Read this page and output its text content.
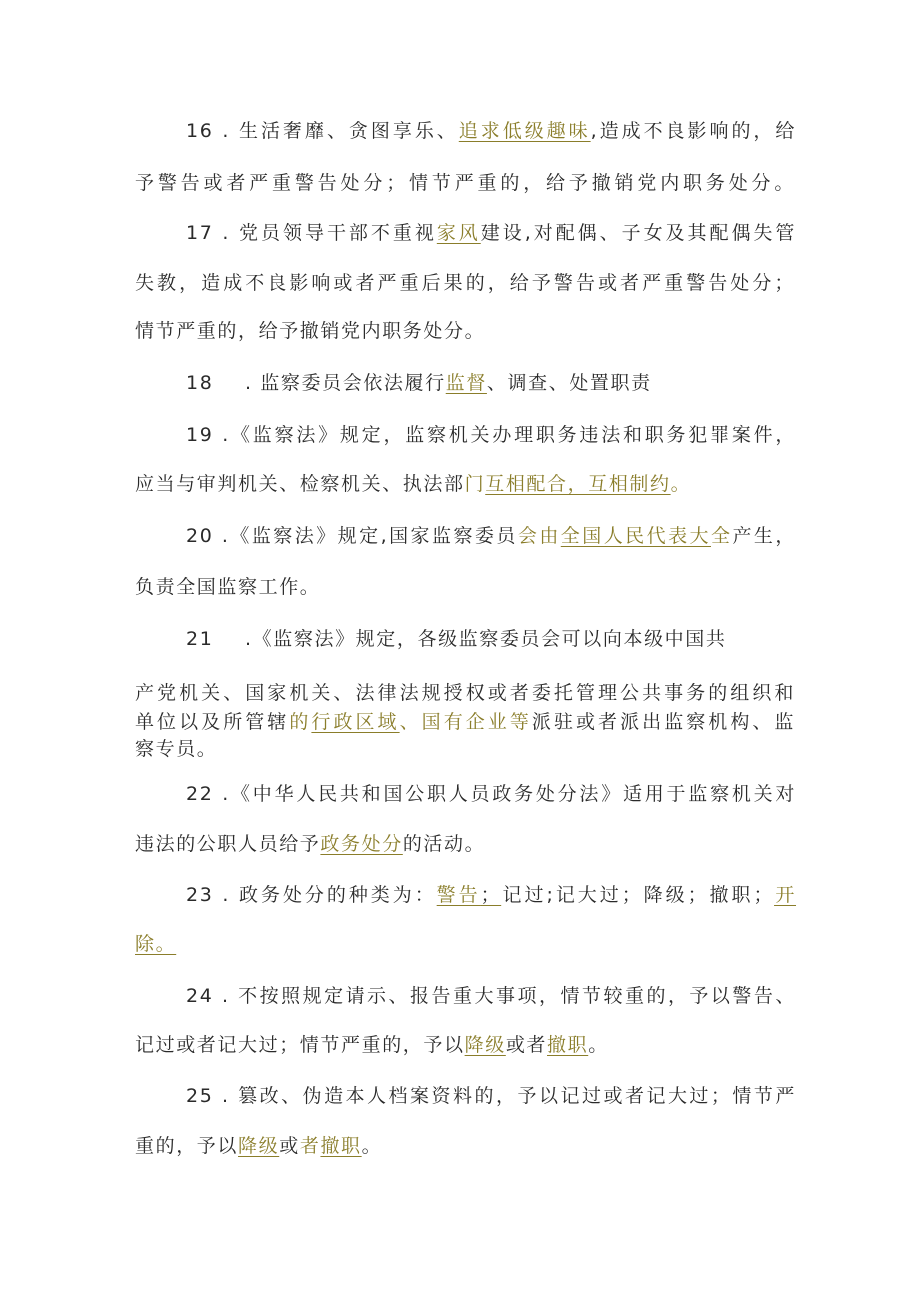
16 . 生活奢靡、贪图享乐、追求低级趣味,造成不良影响的，给
予警告或者严重警告处分；情节严重的，给予撤销党内职务处分。
17 . 党员领导干部不重视家风建设,对配偶、子女及其配偶失管
失教，造成不良影响或者严重后果的，给予警告或者严重警告处分；
情节严重的，给予撤销党内职务处分。
18 . 监察委员会依法履行监督、调查、处置职责
19 .《监察法》规定，监察机关办理职务违法和职务犯罪案件，
应当与审判机关、检察机关、执法部门互相配合，互相制约。
20 .《监察法》规定,国家监察委员会由全国人民代表大全产生，
负责全国监察工作。
21 .《监察法》规定，各级监察委员会可以向本级中国共
产党机关、国家机关、法律法规授权或者委托管理公共事务的组织和
单位以及所管辖的行政区域、国有企业等派驻或者派出监察机构、监
察专员。
22 .《中华人民共和国公职人员政务处分法》适用于监察机关对
违法的公职人员给予政务处分的活动。
23 . 政务处分的种类为：警告；记过;记大过；降级；撤职；开
除。
24 . 不按照规定请示、报告重大事项，情节较重的，予以警告、
记过或者记大过；情节严重的，予以降级或者撤职。
25 . 篡改、伪造本人档案资料的，予以记过或者记大过；情节严
重的，予以降级或者撤职。
